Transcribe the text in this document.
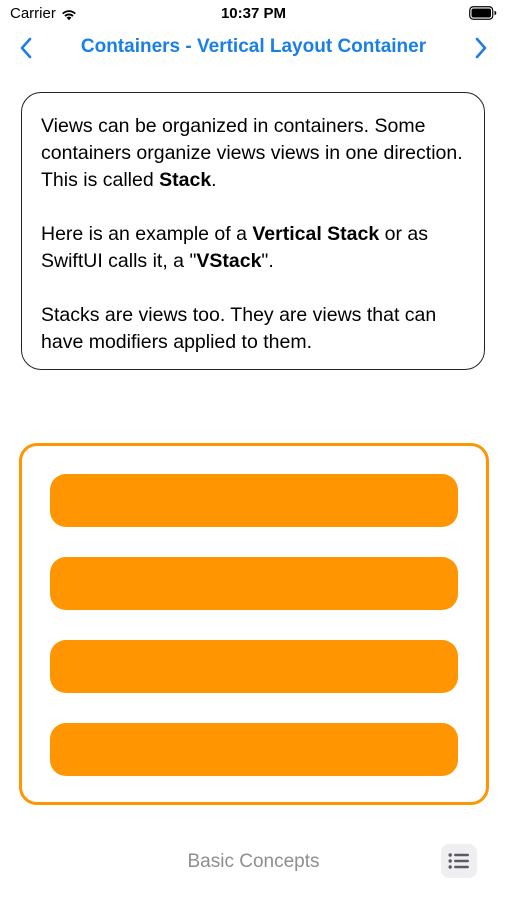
Carrier	10:37 PM
Containers - Vertical Layout Container

Views can be organized in containers. Some containers organize views views in one direction. This is called Stack.

Here is an example of a Vertical Stack or as SwiftUI calls it, a "VStack".

Stacks are views too. They are views that can have modifiers applied to them.

Basic Concepts
